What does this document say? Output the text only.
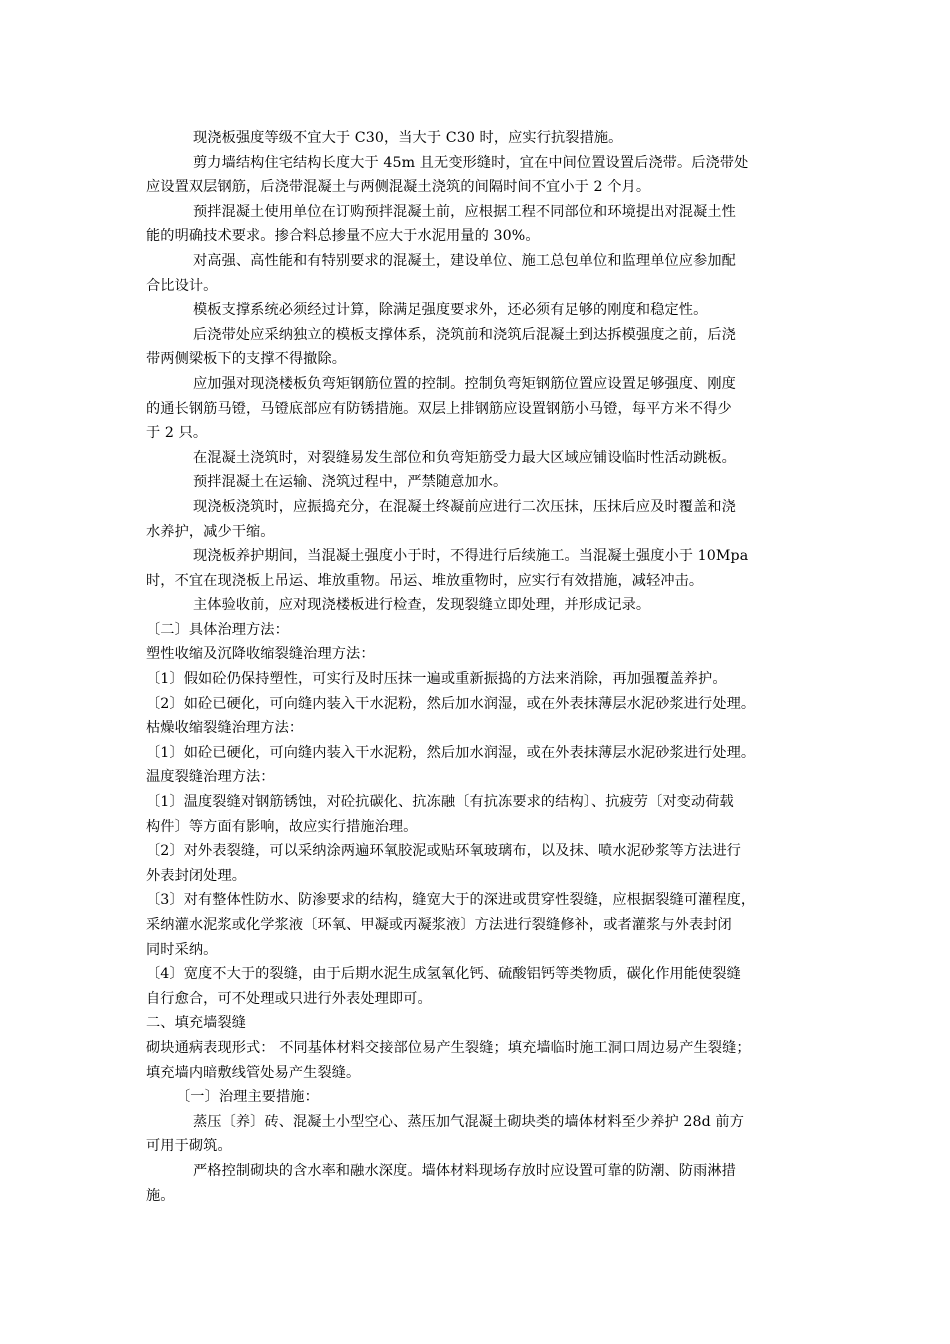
现浇板强度等级不宜大于 C30，当大于 C30 时，应实行抗裂措施。
剪力墙结构住宅结构长度大于 45m 且无变形缝时，宜在中间位置设置后浇带。后浇带处
应设置双层钢筋，后浇带混凝土与两侧混凝土浇筑的间隔时间不宜小于 2 个月。
预拌混凝土使用单位在订购预拌混凝土前，应根据工程不同部位和环境提出对混凝土性
能的明确技术要求。掺合料总掺量不应大于水泥用量的 30%。
对高强、高性能和有特别要求的混凝土，建设单位、施工总包单位和监理单位应参加配
合比设计。
模板支撑系统必须经过计算，除满足强度要求外，还必须有足够的刚度和稳定性。
后浇带处应采纳独立的模板支撑体系，浇筑前和浇筑后混凝土到达拆模强度之前，后浇
带两侧梁板下的支撑不得撤除。
应加强对现浇楼板负弯矩钢筋位置的控制。控制负弯矩钢筋位置应设置足够强度、刚度
的通长钢筋马镫，马镫底部应有防锈措施。双层上排钢筋应设置钢筋小马镫，每平方米不得少
于 2 只。
在混凝土浇筑时，对裂缝易发生部位和负弯矩筋受力最大区域应铺设临时性活动跳板。
预拌混凝土在运输、浇筑过程中，严禁随意加水。
现浇板浇筑时，应振捣充分，在混凝土终凝前应进行二次压抹，压抹后应及时覆盖和浇
水养护，减少干缩。
现浇板养护期间，当混凝土强度小于时，不得进行后续施工。当混凝土强度小于 10Mpa
时，不宜在现浇板上吊运、堆放重物。吊运、堆放重物时，应实行有效措施，减轻冲击。
主体验收前，应对现浇楼板进行检查，发现裂缝立即处理，并形成记录。
〔二〕具体治理方法：
塑性收缩及沉降收缩裂缝治理方法：
〔1〕假如砼仍保持塑性，可实行及时压抹一遍或重新振捣的方法来消除，再加强覆盖养护。
〔2〕如砼已硬化，可向缝内装入干水泥粉，然后加水润湿，或在外表抹薄层水泥砂浆进行处理。
枯燥收缩裂缝治理方法：
〔1〕如砼已硬化，可向缝内装入干水泥粉，然后加水润湿，或在外表抹薄层水泥砂浆进行处理。
温度裂缝治理方法：
〔1〕温度裂缝对钢筋锈蚀，对砼抗碳化、抗冻融〔有抗冻要求的结构〕、抗疲劳〔对变动荷载
构件〕等方面有影响，故应实行措施治理。
〔2〕对外表裂缝，可以采纳涂两遍环氧胶泥或贴环氧玻璃布，以及抹、喷水泥砂浆等方法进行
外表封闭处理。
〔3〕对有整体性防水、防渗要求的结构，缝宽大于的深进或贯穿性裂缝，应根据裂缝可灌程度，
采纳灌水泥浆或化学浆液〔环氧、甲凝或丙凝浆液〕方法进行裂缝修补，或者灌浆与外表封闭
同时采纳。
〔4〕宽度不大于的裂缝，由于后期水泥生成氢氧化钙、硫酸铝钙等类物质，碳化作用能使裂缝
自行愈合，可不处理或只进行外表处理即可。
二、填充墙裂缝
砌块通病表现形式： 不同基体材料交接部位易产生裂缝；填充墙临时施工洞口周边易产生裂缝；
填充墙内暗敷线管处易产生裂缝。
〔一〕治理主要措施：
蒸压〔养〕砖、混凝土小型空心、蒸压加气混凝土砌块类的墙体材料至少养护 28d 前方
可用于砌筑。
严格控制砌块的含水率和融水深度。墙体材料现场存放时应设置可靠的防潮、防雨淋措
施。
